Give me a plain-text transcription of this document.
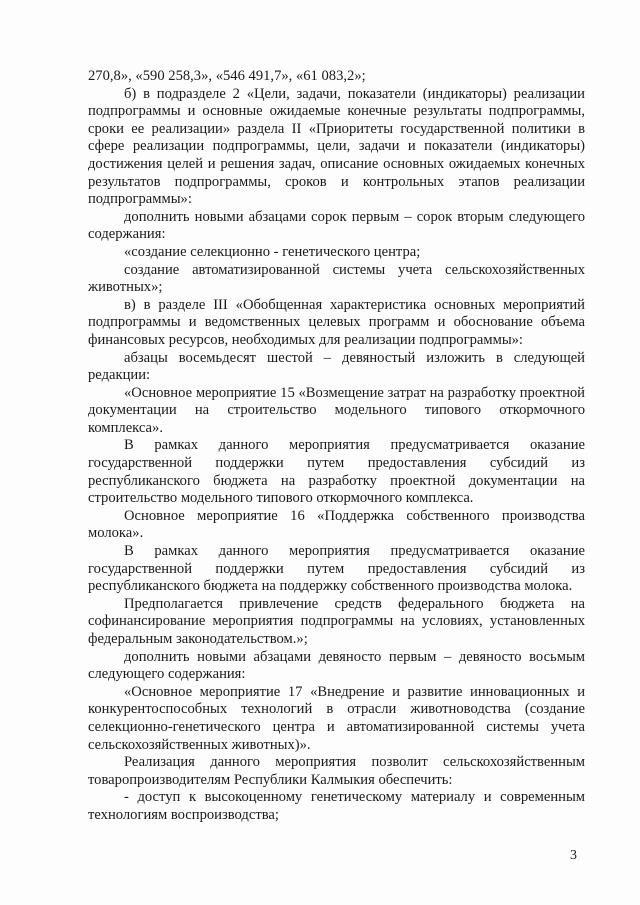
270,8», «590 258,3», «546 491,7», «61 083,2»;

б) в подразделе 2 «Цели, задачи, показатели (индикаторы) реализации подпрограммы и основные ожидаемые конечные результаты подпрограммы, сроки ее реализации» раздела II «Приоритеты государственной политики в сфере реализации подпрограммы, цели, задачи и показатели (индикаторы) достижения целей и решения задач, описание основных ожидаемых конечных результатов подпрограммы, сроков и контрольных этапов реализации подпрограммы»:

дополнить новыми абзацами сорок первым – сорок вторым следующего содержания:

«создание селекционно - генетического центра;

создание автоматизированной системы учета сельскохозяйственных животных»;

в) в разделе III «Обобщенная характеристика основных мероприятий подпрограммы и ведомственных целевых программ и обоснование объема финансовых ресурсов, необходимых для реализации подпрограммы»:

абзацы восемьдесят шестой – девяностый изложить в следующей редакции:

«Основное мероприятие 15 «Возмещение затрат на разработку проектной документации на строительство модельного типового откормочного комплекса».

В рамках данного мероприятия предусматривается оказание государственной поддержки путем предоставления субсидий из республиканского бюджета на разработку проектной документации на строительство модельного типового откормочного комплекса.

Основное мероприятие 16 «Поддержка собственного производства молока».

В рамках данного мероприятия предусматривается оказание государственной поддержки путем предоставления субсидий из республиканского бюджета на поддержку собственного производства молока.

Предполагается привлечение средств федерального бюджета на софинансирование мероприятия подпрограммы на условиях, установленных федеральным законодательством.»;

дополнить новыми абзацами девяносто первым – девяносто восьмым следующего содержания:

«Основное мероприятие 17 «Внедрение и развитие инновационных и конкурентоспособных технологий в отрасли животноводства (создание селекционно-генетического центра и автоматизированной системы учета сельскохозяйственных животных)».

Реализация данного мероприятия позволит сельскохозяйственным товаропроизводителям Республики Калмыкия обеспечить:

- доступ к высокоценному генетическому материалу и современным технологиям воспроизводства;

3
